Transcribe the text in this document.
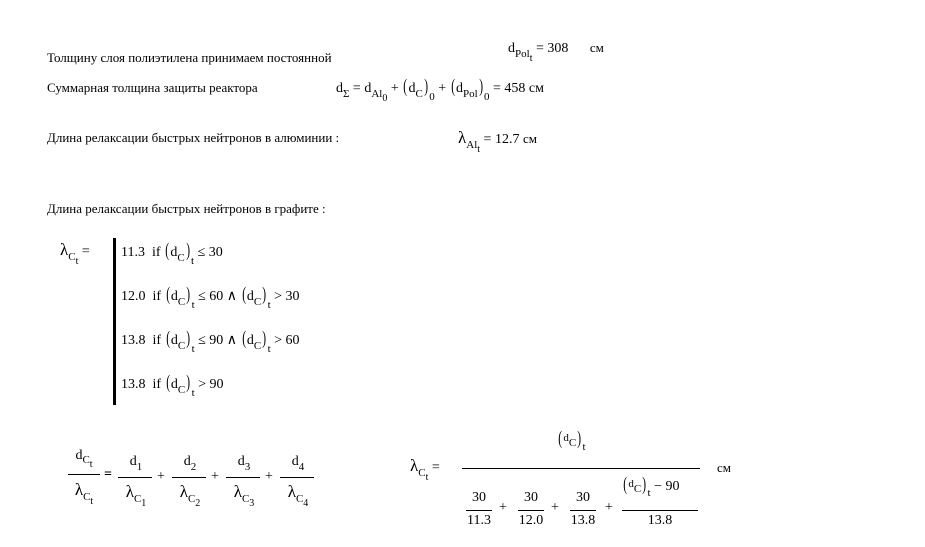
Толщину слоя полиэтилена принимаем постоянной
Суммарная толщина защиты реактора
Длина релаксации быстрых нейтронов в алюминии :
Длина релаксации быстрых нейтронов в графите :
$d_{Polt} = 308$ см
$d_\Sigma = d_{Al0} + (d_C)_0 + (d_{Pol})_0 = 458$ см
$\lambda_{Alt} = 12.7$ см
$\lambda_{Ct} = 11.3$ if $(d_C)_t \le 30$
12.0 if $(d_C)_t \le 60$ ∧ $(d_C)_t > 30$
13.8 if $(d_C)_t \le 90$ ∧ $(d_C)_t > 60$
13.8 if $(d_C)_t > 90$
$d_{Ct}$
$\lambda_{Ct}$
=
$d_1$
$\lambda_{C1}$
+
$d_2$
$\lambda_{C2}$
+
$d_3$
$\lambda_{C3}$
+
$d_4$
$\lambda_{C4}$
$\lambda_{Ct}$ =
$(^dC)_t$
30
11.3
+
30
12.0
+
30
13.8
+
$(^dC)_t - 90$
13.8
см
